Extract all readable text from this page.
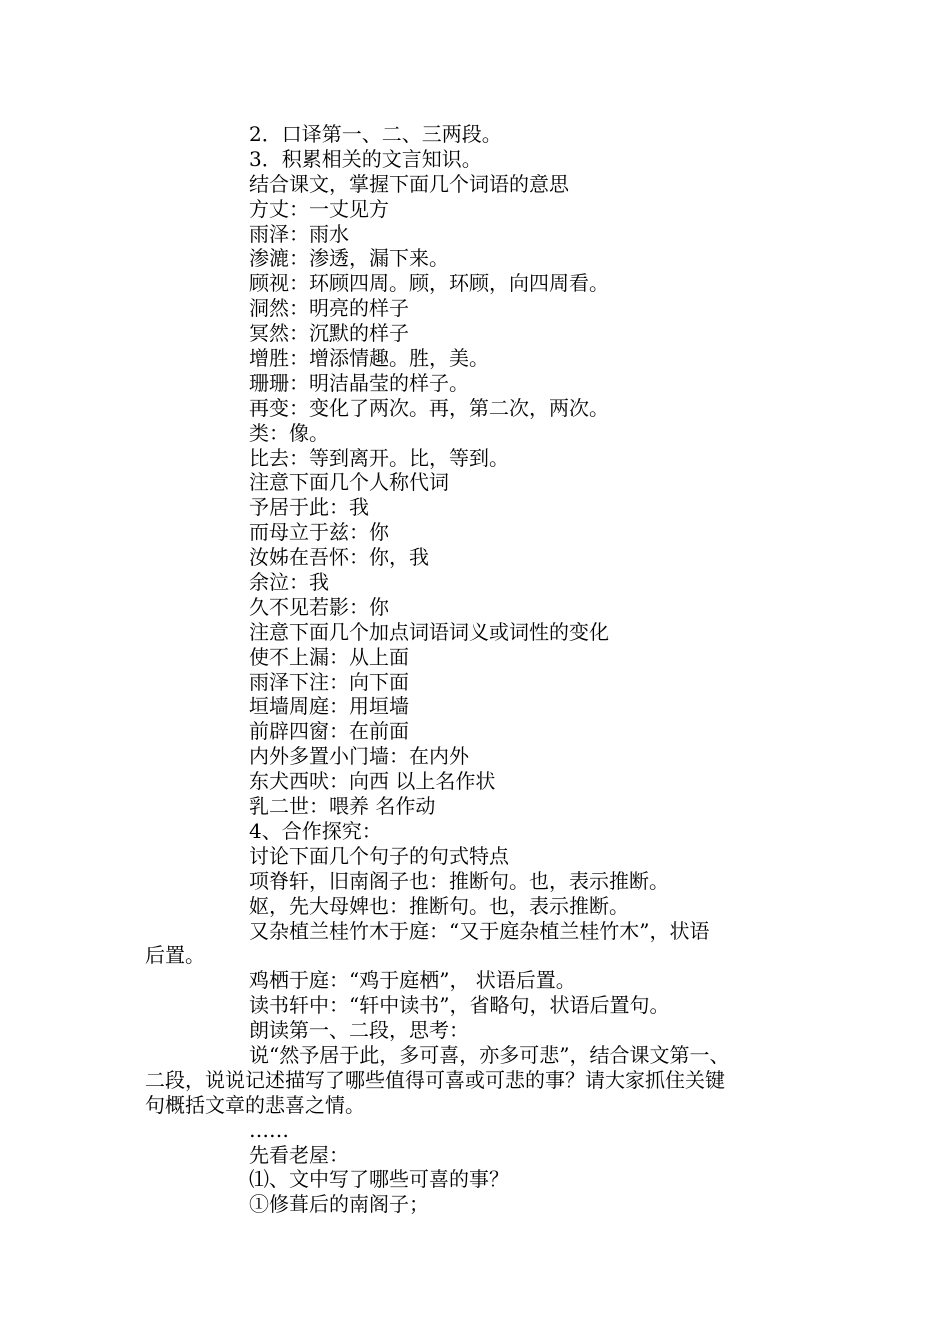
2．口译第一、二、三两段。

3．积累相关的文言知识。

结合课文，掌握下面几个词语的意思

方丈：一丈见方

雨泽：雨水

渗漉：渗透，漏下来。

顾视：环顾四周。顾，环顾，向四周看。

洞然：明亮的样子

冥然：沉默的样子

增胜：增添情趣。胜，美。

珊珊：明洁晶莹的样子。

再变：变化了两次。再，第二次，两次。

类：像。

比去：等到离开。比，等到。

注意下面几个人称代词

予居于此：我

而母立于兹：你

汝姊在吾怀：你，我

余泣：我

久不见若影：你

注意下面几个加点词语词义或词性的变化

使不上漏：从上面

雨泽下注：向下面

垣墙周庭：用垣墙

前辟四窗：在前面

内外多置小门墙：在内外

东犬西吠：向西 以上名作状

乳二世：喂养 名作动

4、合作探究：

讨论下面几个句子的句式特点

项脊轩，旧南阁子也：推断句。也，表示推断。

妪，先大母婢也：推断句。也，表示推断。

又杂植兰桂竹木于庭：“又于庭杂植兰桂竹木”，状语

后置。

鸡栖于庭：“鸡于庭栖”， 状语后置。

读书轩中：“轩中读书”，省略句，状语后置句。

朗读第一、二段，思考：

说“然予居于此，多可喜，亦多可悲”，结合课文第一、

二段，说说记述描写了哪些值得可喜或可悲的事？请大家抓住关键

句概括文章的悲喜之情。

……

先看老屋：

⑴、文中写了哪些可喜的事？

①修葺后的南阁子；
